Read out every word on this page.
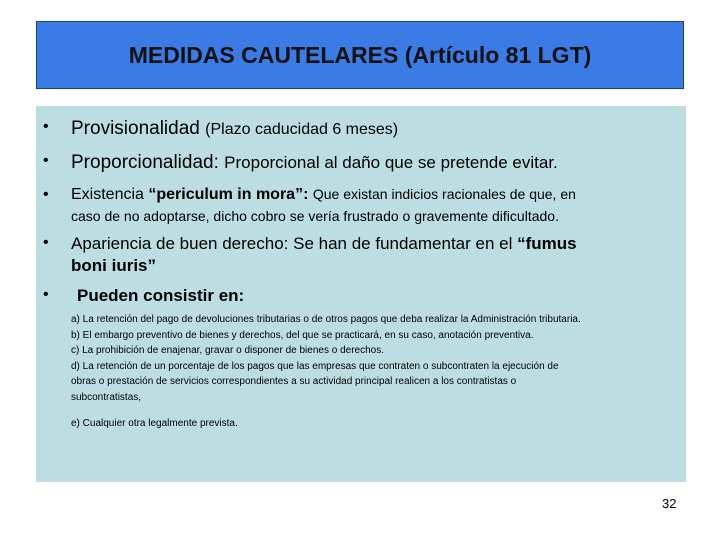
MEDIDAS CAUTELARES (Artículo 81 LGT)
• Provisionalidad (Plazo caducidad 6 meses)
• Proporcionalidad: Proporcional al daño que se pretende evitar.
• Existencia “periculum in mora”: Que existan indicios racionales de que, en
caso de no adoptarse, dicho cobro se vería frustrado o gravemente dificultado.
• Apariencia de buen derecho: Se han de fundamentar en el “fumus
boni iuris”
• Pueden consistir en:
a) La retención del pago de devoluciones tributarias o de otros pagos que deba realizar la Administración tributaria.
b) El embargo preventivo de bienes y derechos, del que se practicará, en su caso, anotación preventiva.
c) La prohibición de enajenar, gravar o disponer de bienes o derechos.
d) La retención de un porcentaje de los pagos que las empresas que contraten o subcontraten la ejecución de
obras o prestación de servicios correspondientes a su actividad principal realicen a los contratistas o
subcontratistas,
e) Cualquier otra legalmente prevista.
32
